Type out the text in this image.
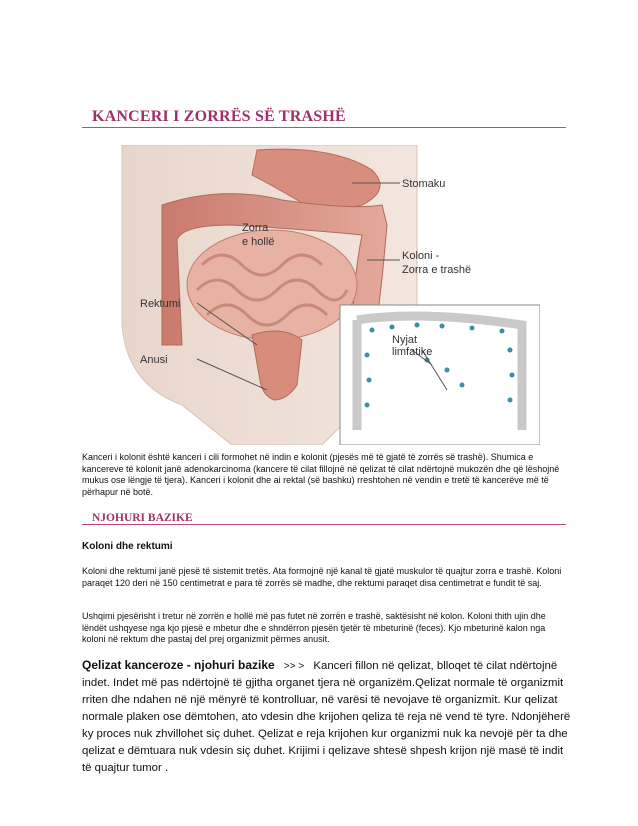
KANCERI I ZORRËS SË TRASHË
Stomaku
Zorra
e hollë
Koloni -
Zorra e trashë
Rektumi
Anusi
Nyjat
limfatike
Kanceri i kolonit është kanceri i cili formohet në indin e kolonit (pjesës më të gjatë të zorrës së trashë). Shumica e kancereve të kolonit janë adenokarcinoma (kancere të cilat fillojnë në qelizat të cilat ndërtojnë mukozën dhe që lëshojnë mukus ose lëngje të tjera). Kanceri i kolonit dhe ai rektal (së bashku) rreshtohen në vendin e tretë të kancerëve më të përhapur në botë.
NJOHURI BAZIKE
Koloni dhe rektumi
Koloni dhe rektumi janë pjesë të sistemit tretës. Ata formojnë një kanal të gjatë muskulor të quajtur zorra e trashë. Koloni paraqet 120 deri në 150 centimetrat e para të zorrës së madhe, dhe rektumi paraqet disa centimetrat e fundit të saj.
Ushqimi pjesërisht i tretur në zorrën e hollë më pas futet në zorrën e trashë, saktësisht në kolon. Koloni thith ujin dhe lëndët ushqyese nga kjo pjesë e mbetur dhe e shndërron pjesën tjetër të mbeturinë (feces). Kjo mbeturinë kalon nga koloni në rektum dhe pastaj del prej organizmit përmes anusit.
Qelizat kanceroze - njohuri bazike >> > Kanceri fillon në qelizat, blloqet të cilat ndërtojnë indet. Indet më pas ndërtojnë të gjitha organet tjera në organizëm.Qelizat normale të organizmit rriten dhe ndahen në një mënyrë të kontrolluar, në varësi të nevojave të organizmit. Kur qelizat normale plaken ose dëmtohen, ato vdesin dhe krijohen qeliza të reja në vend të tyre. Ndonjëherë ky proces nuk zhvillohet siç duhet. Qelizat e reja krijohen kur organizmi nuk ka nevojë për ta dhe qelizat e dëmtuara nuk vdesin siç duhet. Krijimi i qelizave shtesë shpesh krijon një masë të indit të quajtur tumor .
